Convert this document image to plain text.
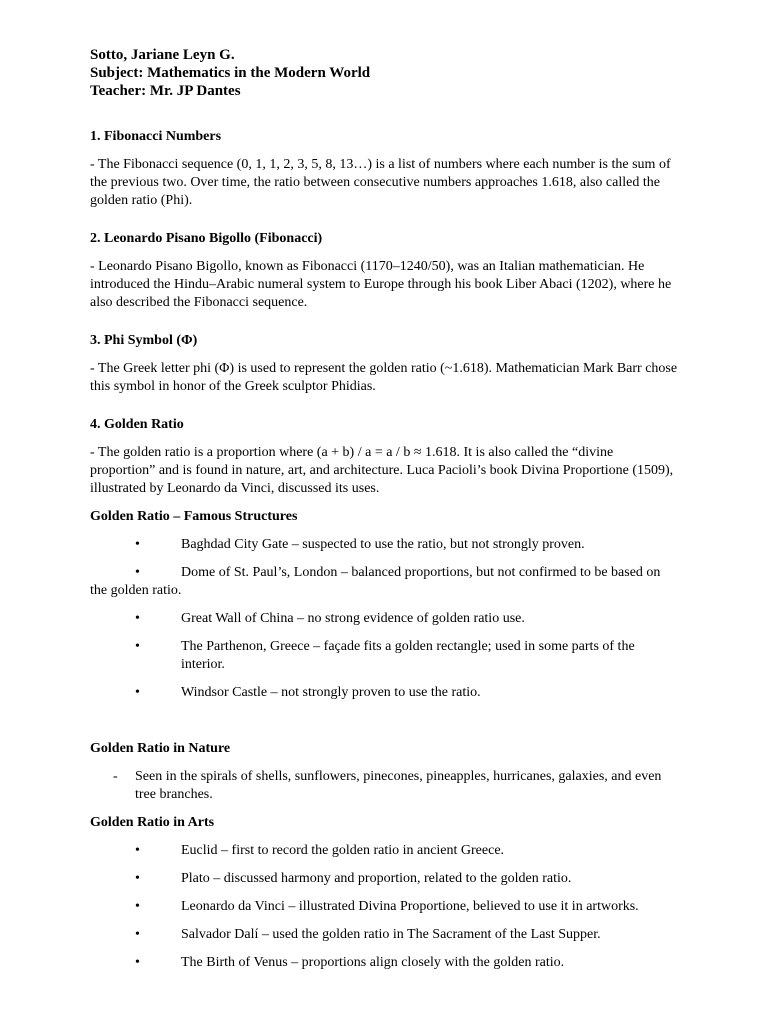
Sotto, Jariane Leyn G.
Subject: Mathematics in the Modern World
Teacher: Mr. JP Dantes

1. Fibonacci Numbers

- The Fibonacci sequence (0, 1, 1, 2, 3, 5, 8, 13…) is a list of numbers where each number is the sum of the previous two. Over time, the ratio between consecutive numbers approaches 1.618, also called the golden ratio (Phi).

2. Leonardo Pisano Bigollo (Fibonacci)

- Leonardo Pisano Bigollo, known as Fibonacci (1170–1240/50), was an Italian mathematician. He introduced the Hindu–Arabic numeral system to Europe through his book Liber Abaci (1202), where he also described the Fibonacci sequence.

3. Phi Symbol (Φ)

- The Greek letter phi (Φ) is used to represent the golden ratio (~1.618). Mathematician Mark Barr chose this symbol in honor of the Greek sculptor Phidias.

4. Golden Ratio

- The golden ratio is a proportion where (a + b) / a = a / b ≈ 1.618. It is also called the “divine proportion” and is found in nature, art, and architecture. Luca Pacioli’s book Divina Proportione (1509), illustrated by Leonardo da Vinci, discussed its uses.

Golden Ratio – Famous Structures

•	Baghdad City Gate – suspected to use the ratio, but not strongly proven.
•	Dome of St. Paul’s, London – balanced proportions, but not confirmed to be based on the golden ratio.
•	Great Wall of China – no strong evidence of golden ratio use.
•	The Parthenon, Greece – façade fits a golden rectangle; used in some parts of the interior.
•	Windsor Castle – not strongly proven to use the ratio.

Golden Ratio in Nature

- Seen in the spirals of shells, sunflowers, pinecones, pineapples, hurricanes, galaxies, and even tree branches.

Golden Ratio in Arts

•	Euclid – first to record the golden ratio in ancient Greece.
•	Plato – discussed harmony and proportion, related to the golden ratio.
•	Leonardo da Vinci – illustrated Divina Proportione, believed to use it in artworks.
•	Salvador Dalí – used the golden ratio in The Sacrament of the Last Supper.
•	The Birth of Venus – proportions align closely with the golden ratio.
